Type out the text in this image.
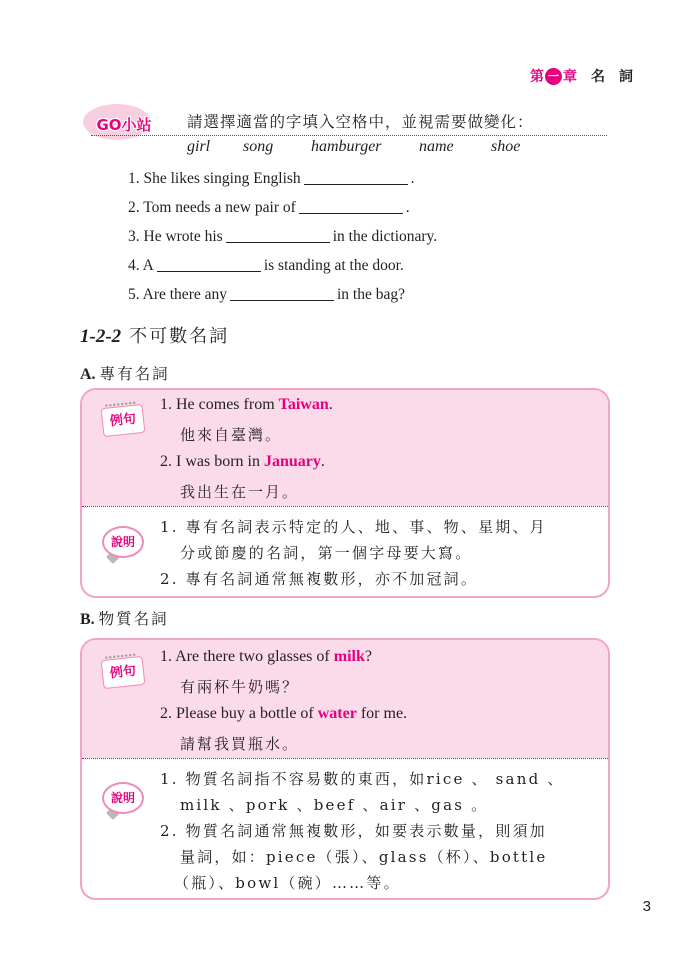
第 一 章 名詞
GO小站 請選擇適當的字填入空格中，並視需要做變化：
girl	song	hamburger	name	shoe
1. She likes singing English	.
2. Tom needs a new pair of	.
3. He wrote his	in the dictionary.
4. A	is standing at the door.
5. Are there any	in the bag?
1-2-2 不可數名詞
A. 專有名詞
例句
1. He comes from Taiwan.
他來自臺灣。
2. I was born in January.
我出生在一月。
說明
1. 專有名詞表示特定的人、地、事、物、星期、月
分或節慶的名詞，第一個字母要大寫。
2. 專有名詞通常無複數形，亦不加冠詞。
B. 物質名詞
例句
1. Are there two glasses of milk?
有兩杯牛奶嗎？
2. Please buy a bottle of water for me.
請幫我買瓶水。
說明
1. 物質名詞指不容易數的東西，如rice 、 sand 、
milk 、pork 、beef 、air 、gas 。
2. 物質名詞通常無複數形，如要表示數量，則須加
量詞，如：piece（張）、glass（杯）、bottle
（瓶）、bowl（碗）……等。
3
